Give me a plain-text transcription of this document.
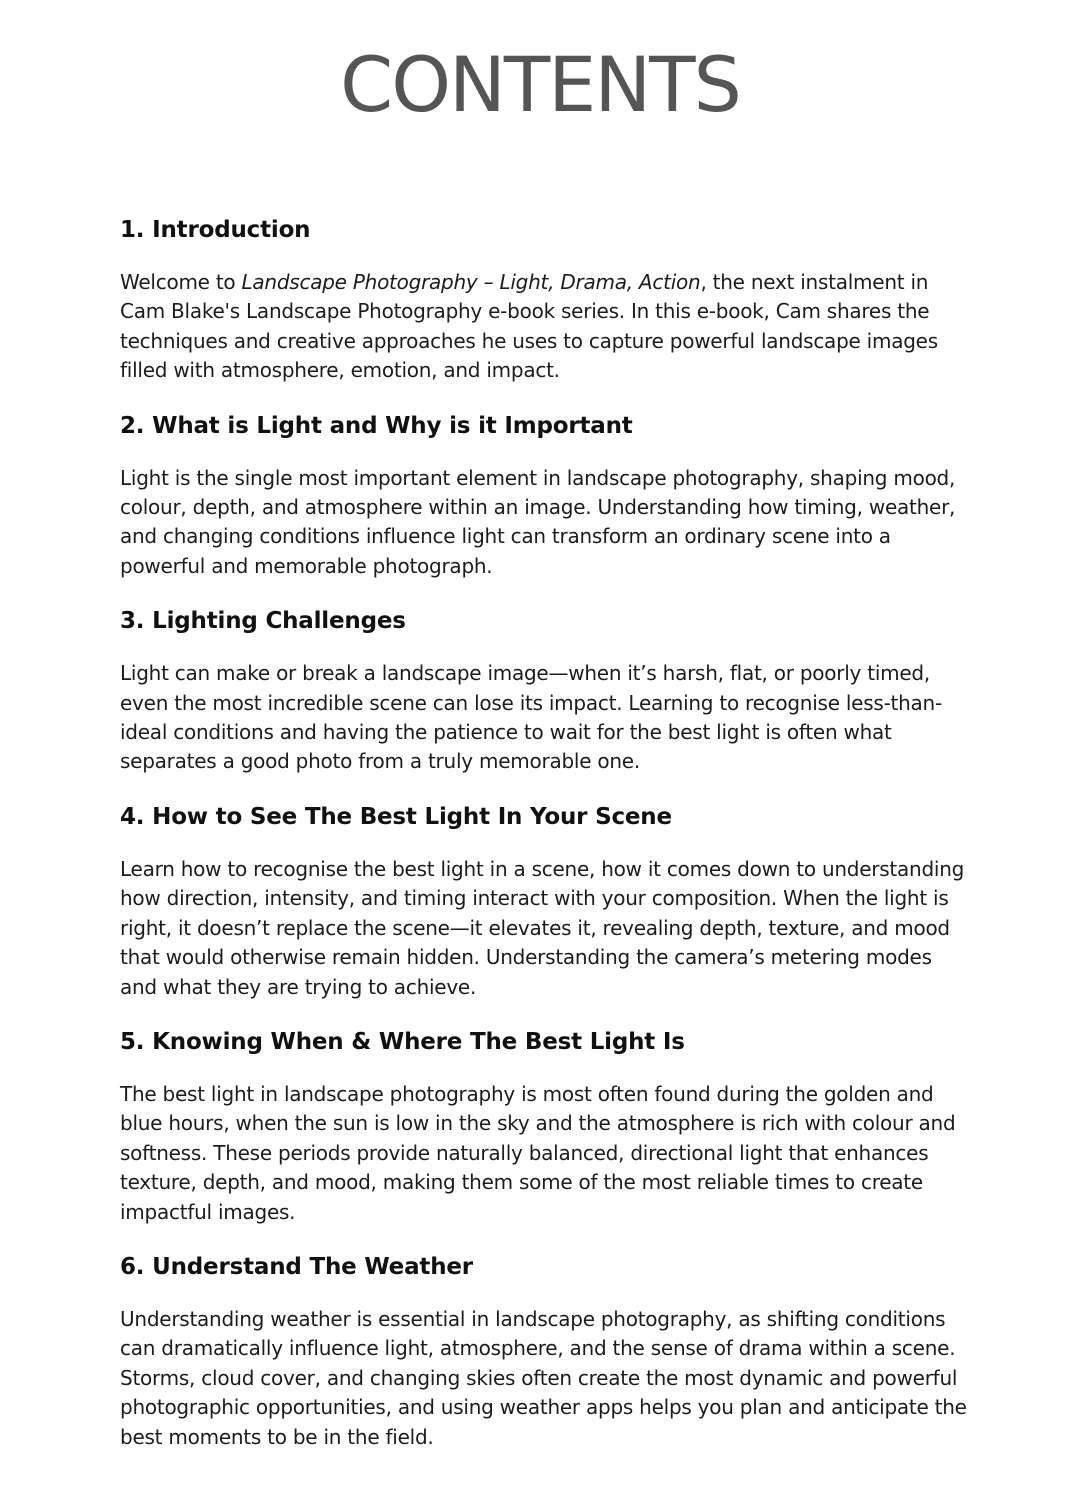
CONTENTS
1. Introduction

Welcome to Landscape Photography – Light, Drama, Action, the next instalment in Cam Blake's Landscape Photography e-book series. In this e-book, Cam shares the techniques and creative approaches he uses to capture powerful landscape images filled with atmosphere, emotion, and impact.

2. What is Light and Why is it Important

Light is the single most important element in landscape photography, shaping mood, colour, depth, and atmosphere within an image. Understanding how timing, weather, and changing conditions influence light can transform an ordinary scene into a powerful and memorable photograph.

3. Lighting Challenges

Light can make or break a landscape image—when it’s harsh, flat, or poorly timed, even the most incredible scene can lose its impact. Learning to recognise less-than-ideal conditions and having the patience to wait for the best light is often what separates a good photo from a truly memorable one.

4. How to See The Best Light In Your Scene

Learn how to recognise the best light in a scene, how it comes down to understanding how direction, intensity, and timing interact with your composition. When the light is right, it doesn’t replace the scene—it elevates it, revealing depth, texture, and mood that would otherwise remain hidden. Understanding the camera’s metering modes and what they are trying to achieve.

5. Knowing When & Where The Best Light Is

The best light in landscape photography is most often found during the golden and blue hours, when the sun is low in the sky and the atmosphere is rich with colour and softness. These periods provide naturally balanced, directional light that enhances texture, depth, and mood, making them some of the most reliable times to create impactful images.

6. Understand The Weather

Understanding weather is essential in landscape photography, as shifting conditions can dramatically influence light, atmosphere, and the sense of drama within a scene. Storms, cloud cover, and changing skies often create the most dynamic and powerful photographic opportunities, and using weather apps helps you plan and anticipate the best moments to be in the field.
